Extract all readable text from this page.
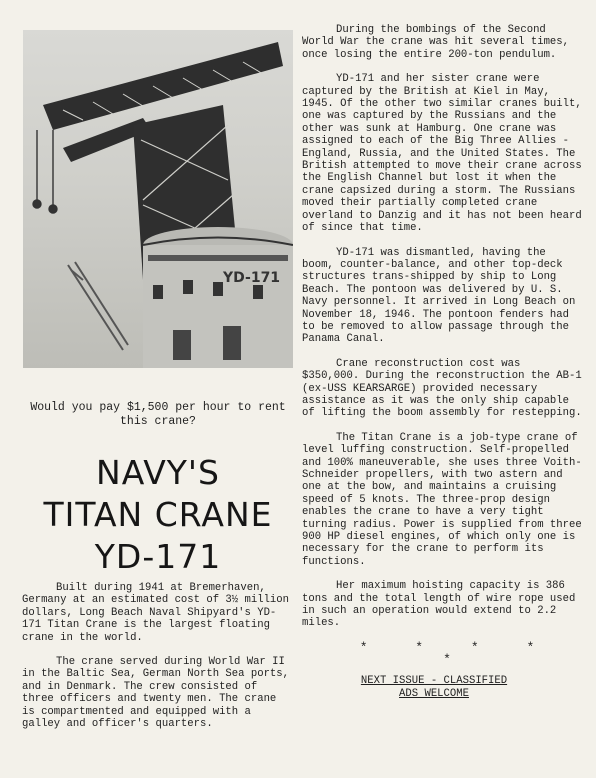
YD-171
Would you pay $1,500 per hour to rent this crane?
NAVY'S
TITAN CRANE
YD-171

Built during 1941 at Bremerhaven, Germany at an estimated cost of 3½ million dollars, Long Beach Naval Shipyard's YD-171 Titan Crane is the largest floating crane in the world.

The crane served during World War II in the Baltic Sea, German North Sea ports, and in Denmark. The crew consisted of three officers and twenty men. The crane is compartmented and equipped with a galley and officer's quarters.

During the bombings of the Second World War the crane was hit several times, once losing the entire 200-ton pendulum.

YD-171 and her sister crane were captured by the British at Kiel in May, 1945. Of the other two similar cranes built, one was captured by the Russians and the other was sunk at Hamburg. One crane was assigned to each of the Big Three Allies - England, Russia, and the United States. The British attempted to move their crane across the English Channel but lost it when the crane capsized during a storm. The Russians moved their partially completed crane overland to Danzig and it has not been heard of since that time.

YD-171 was dismantled, having the boom, counter-balance, and other top-deck structures trans-shipped by ship to Long Beach. The pontoon was delivered by U. S. Navy personnel. It arrived in Long Beach on November 18, 1946. The pontoon fenders had to be removed to allow passage through the Panama Canal.

Crane reconstruction cost was $350,000. During the reconstruction the AB-1 (ex-USS KEARSARGE) provided necessary assistance as it was the only ship capable of lifting the boom assembly for restepping.

The Titan Crane is a job-type crane of level luffing construction. Self-propelled and 100% maneuverable, she uses three Voith-Schneider propellers, with two astern and one at the bow, and maintains a cruising speed of 5 knots. The three-prop design enables the crane to have a very tight turning radius. Power is supplied from three 900 HP diesel engines, of which only one is necessary for the crane to perform its functions.

Her maximum hoisting capacity is 386 tons and the total length of wire rope used in such an operation would extend to 2.2 miles.

* * * * *
NEXT ISSUE - CLASSIFIED
ADS WELCOME
